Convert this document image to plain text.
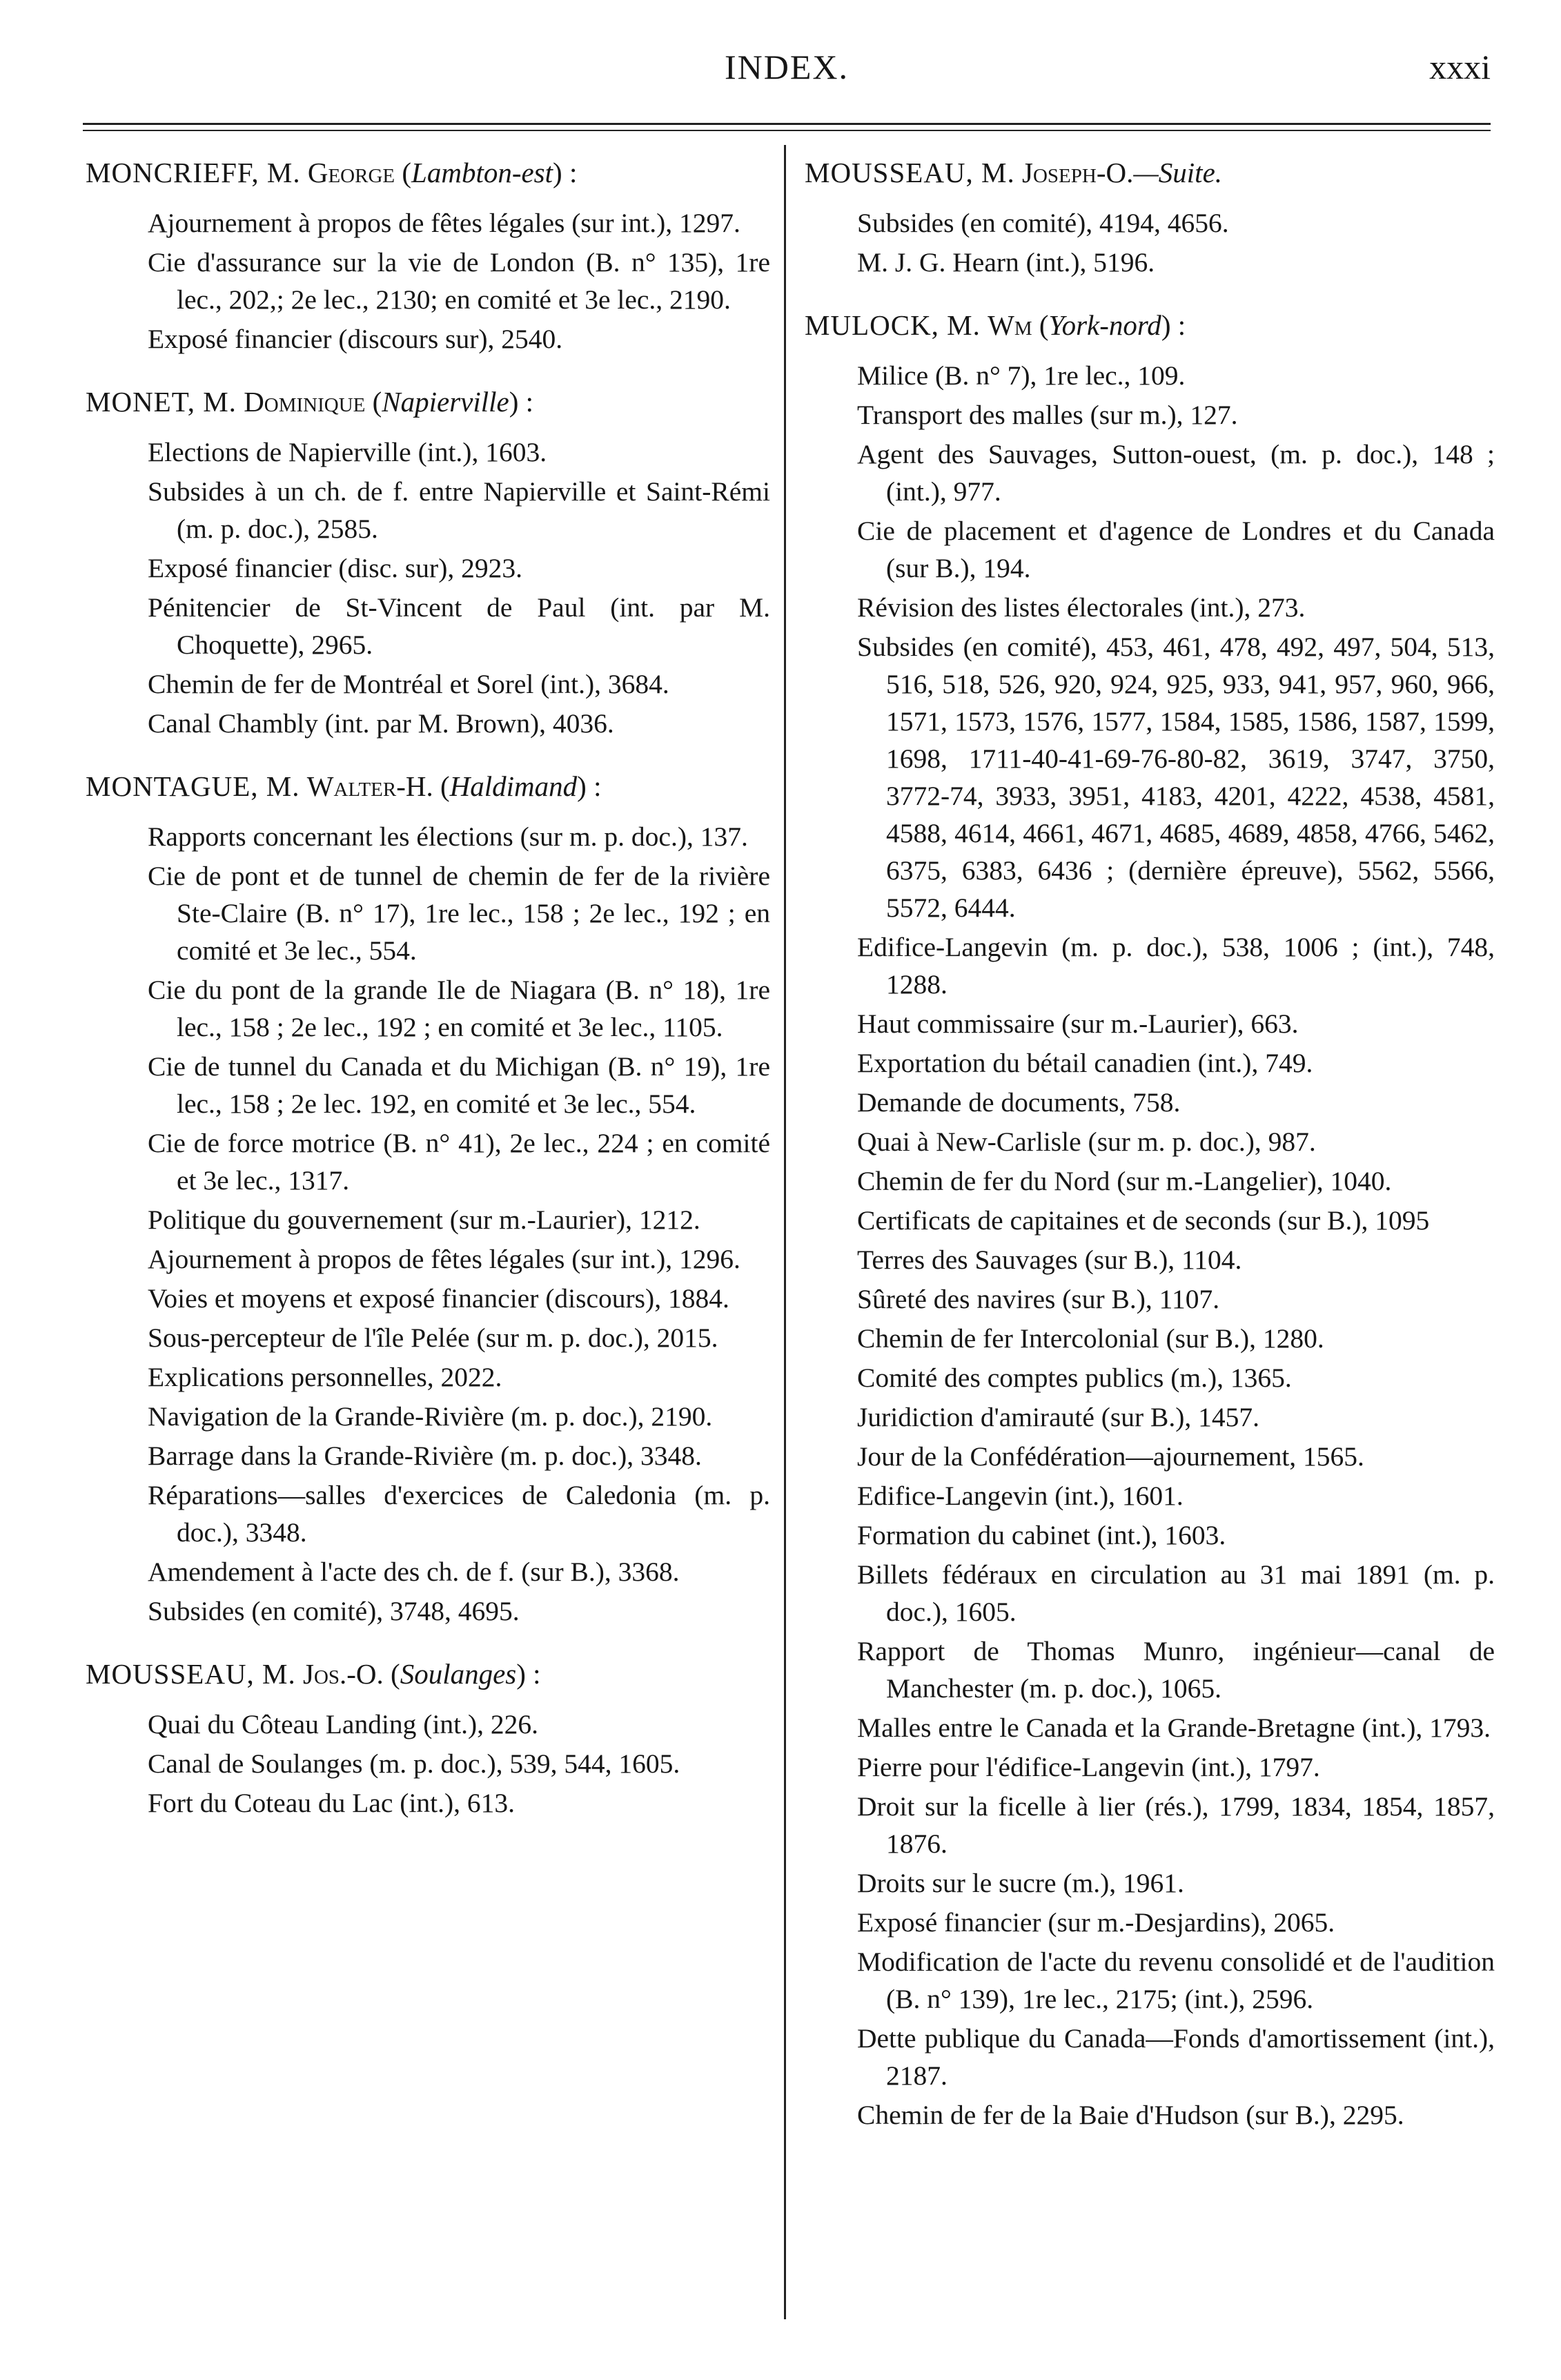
INDEX.	xxxi
MONCRIEFF, M. George (Lambton-est) :
Ajournement à propos de fêtes légales (sur int.), 1297.
Cie d'assurance sur la vie de London (B. n° 135), 1re lec., 202,; 2e lec., 2130; en comité et 3e lec., 2190.
Exposé financier (discours sur), 2540.
MONET, M. Dominique (Napierville) :
Elections de Napierville (int.), 1603.
Subsides à un ch. de f. entre Napierville et Saint-Rémi (m. p. doc.), 2585.
Exposé financier (disc. sur), 2923.
Pénitencier de St-Vincent de Paul (int. par M. Choquette), 2965.
Chemin de fer de Montréal et Sorel (int.), 3684.
Canal Chambly (int. par M. Brown), 4036.
MONTAGUE, M. Walter-H. (Haldimand) :
Rapports concernant les élections (sur m. p. doc.), 137.
Cie de pont et de tunnel de chemin de fer de la rivière Ste-Claire (B. n° 17), 1re lec., 158 ; 2e lec., 192 ; en comité et 3e lec., 554.
Cie du pont de la grande Ile de Niagara (B. n° 18), 1re lec., 158 ; 2e lec., 192 ; en comité et 3e lec., 1105.
Cie de tunnel du Canada et du Michigan (B. n° 19), 1re lec., 158 ; 2e lec. 192, en comité et 3e lec., 554.
Cie de force motrice (B. n° 41), 2e lec., 224 ; en comité et 3e lec., 1317.
Politique du gouvernement (sur m.-Laurier), 1212.
Ajournement à propos de fêtes légales (sur int.), 1296.
Voies et moyens et exposé financier (discours), 1884.
Sous-percepteur de l'île Pelée (sur m. p. doc.), 2015.
Explications personnelles, 2022.
Navigation de la Grande-Rivière (m. p. doc.), 2190.
Barrage dans la Grande-Rivière (m. p. doc.), 3348.
Réparations—salles d'exercices de Caledonia (m. p. doc.), 3348.
Amendement à l'acte des ch. de f. (sur B.), 3368.
Subsides (en comité), 3748, 4695.
MOUSSEAU, M. Jos.-O. (Soulanges) :
Quai du Côteau Landing (int.), 226.
Canal de Soulanges (m. p. doc.), 539, 544, 1605.
Fort du Coteau du Lac (int.), 613.
MOUSSEAU, M. Joseph-O.—Suite.
Subsides (en comité), 4194, 4656.
M. J. G. Hearn (int.), 5196.
MULOCK, M. Wm (York-nord) :
Milice (B. n° 7), 1re lec., 109.
Transport des malles (sur m.), 127.
Agent des Sauvages, Sutton-ouest, (m. p. doc.), 148 ; (int.), 977.
Cie de placement et d'agence de Londres et du Canada (sur B.), 194.
Révision des listes électorales (int.), 273.
Subsides (en comité), 453, 461, 478, 492, 497, 504, 513, 516, 518, 526, 920, 924, 925, 933, 941, 957, 960, 966, 1571, 1573, 1576, 1577, 1584, 1585, 1586, 1587, 1599, 1698, 1711-40-41-69-76-80-82, 3619, 3747, 3750, 3772-74, 3933, 3951, 4183, 4201, 4222, 4538, 4581, 4588, 4614, 4661, 4671, 4685, 4689, 4858, 4766, 5462, 6375, 6383, 6436 ; (dernière épreuve), 5562, 5566, 5572, 6444.
Edifice-Langevin (m. p. doc.), 538, 1006 ; (int.), 748, 1288.
Haut commissaire (sur m.-Laurier), 663.
Exportation du bétail canadien (int.), 749.
Demande de documents, 758.
Quai à New-Carlisle (sur m. p. doc.), 987.
Chemin de fer du Nord (sur m.-Langelier), 1040.
Certificats de capitaines et de seconds (sur B.), 1095
Terres des Sauvages (sur B.), 1104.
Sûreté des navires (sur B.), 1107.
Chemin de fer Intercolonial (sur B.), 1280.
Comité des comptes publics (m.), 1365.
Juridiction d'amirauté (sur B.), 1457.
Jour de la Confédération—ajournement, 1565.
Edifice-Langevin (int.), 1601.
Formation du cabinet (int.), 1603.
Billets fédéraux en circulation au 31 mai 1891 (m. p. doc.), 1605.
Rapport de Thomas Munro, ingénieur—canal de Manchester (m. p. doc.), 1065.
Malles entre le Canada et la Grande-Bretagne (int.), 1793.
Pierre pour l'édifice-Langevin (int.), 1797.
Droit sur la ficelle à lier (rés.), 1799, 1834, 1854, 1857, 1876.
Droits sur le sucre (m.), 1961.
Exposé financier (sur m.-Desjardins), 2065.
Modification de l'acte du revenu consolidé et de l'audition (B. n° 139), 1re lec., 2175; (int.), 2596.
Dette publique du Canada—Fonds d'amortissement (int.), 2187.
Chemin de fer de la Baie d'Hudson (sur B.), 2295.
